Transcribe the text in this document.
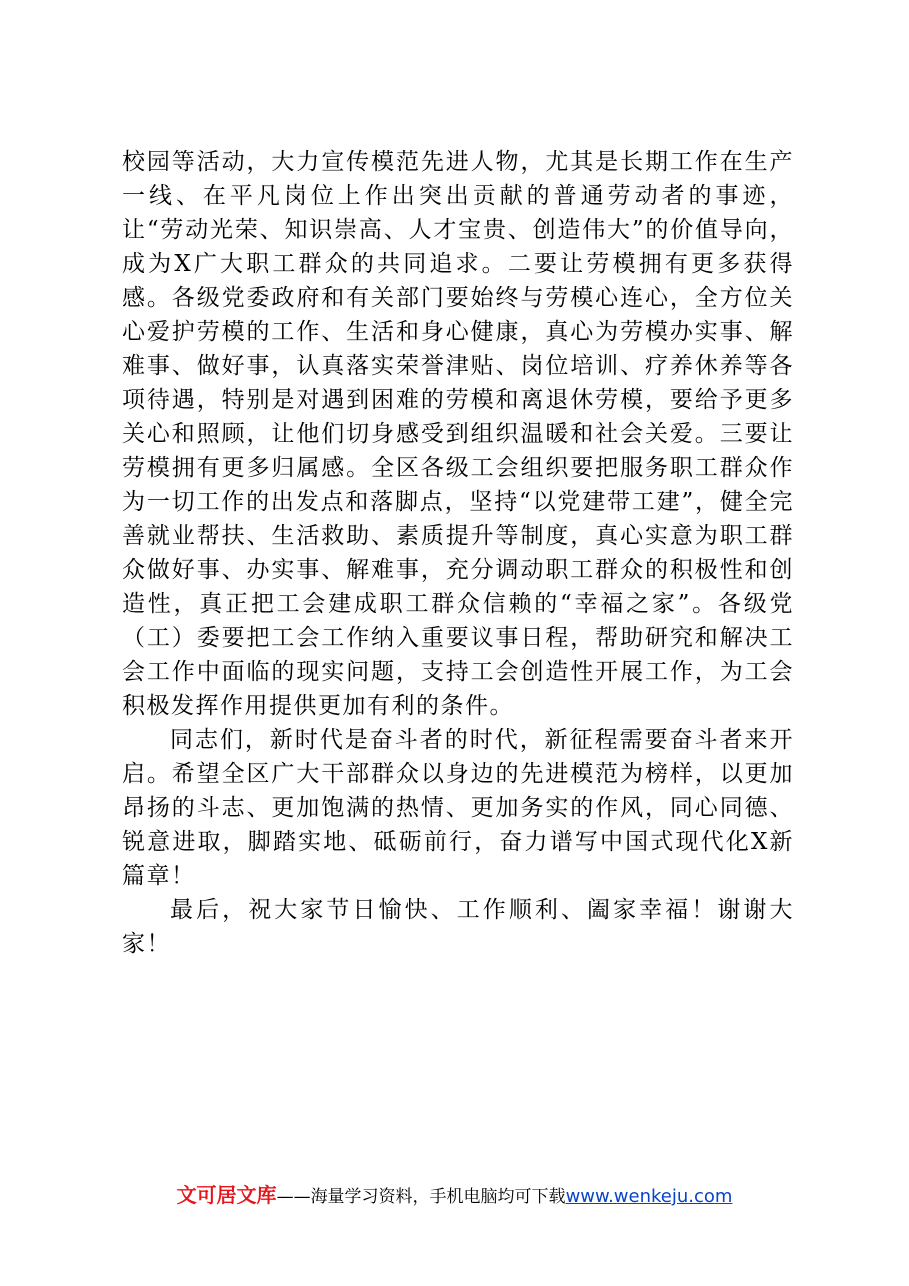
校园等活动，大力宣传模范先进人物，尤其是长期工作在生产一线、在平凡岗位上作出突出贡献的普通劳动者的事迹，让“劳动光荣、知识崇高、人才宝贵、创造伟大”的价值导向，成为X广大职工群众的共同追求。二要让劳模拥有更多获得感。各级党委政府和有关部门要始终与劳模心连心，全方位关心爱护劳模的工作、生活和身心健康，真心为劳模办实事、解难事、做好事，认真落实荣誉津贴、岗位培训、疗养休养等各项待遇，特别是对遇到困难的劳模和离退休劳模，要给予更多关心和照顾，让他们切身感受到组织温暖和社会关爱。三要让劳模拥有更多归属感。全区各级工会组织要把服务职工群众作为一切工作的出发点和落脚点，坚持“以党建带工建”，健全完善就业帮扶、生活救助、素质提升等制度，真心实意为职工群众做好事、办实事、解难事，充分调动职工群众的积极性和创造性，真正把工会建成职工群众信赖的“幸福之家”。各级党（工）委要把工会工作纳入重要议事日程，帮助研究和解决工会工作中面临的现实问题，支持工会创造性开展工作，为工会积极发挥作用提供更加有利的条件。

同志们，新时代是奋斗者的时代，新征程需要奋斗者来开启。希望全区广大干部群众以身边的先进模范为榜样，以更加昂扬的斗志、更加饱满的热情、更加务实的作风，同心同德、锐意进取，脚踏实地、砥砺前行，奋力谱写中国式现代化X新篇章！

最后，祝大家节日愉快、工作顺利、阖家幸福！谢谢大家！

文可居文库——海量学习资料，手机电脑均可下载www.wenkeju.com
